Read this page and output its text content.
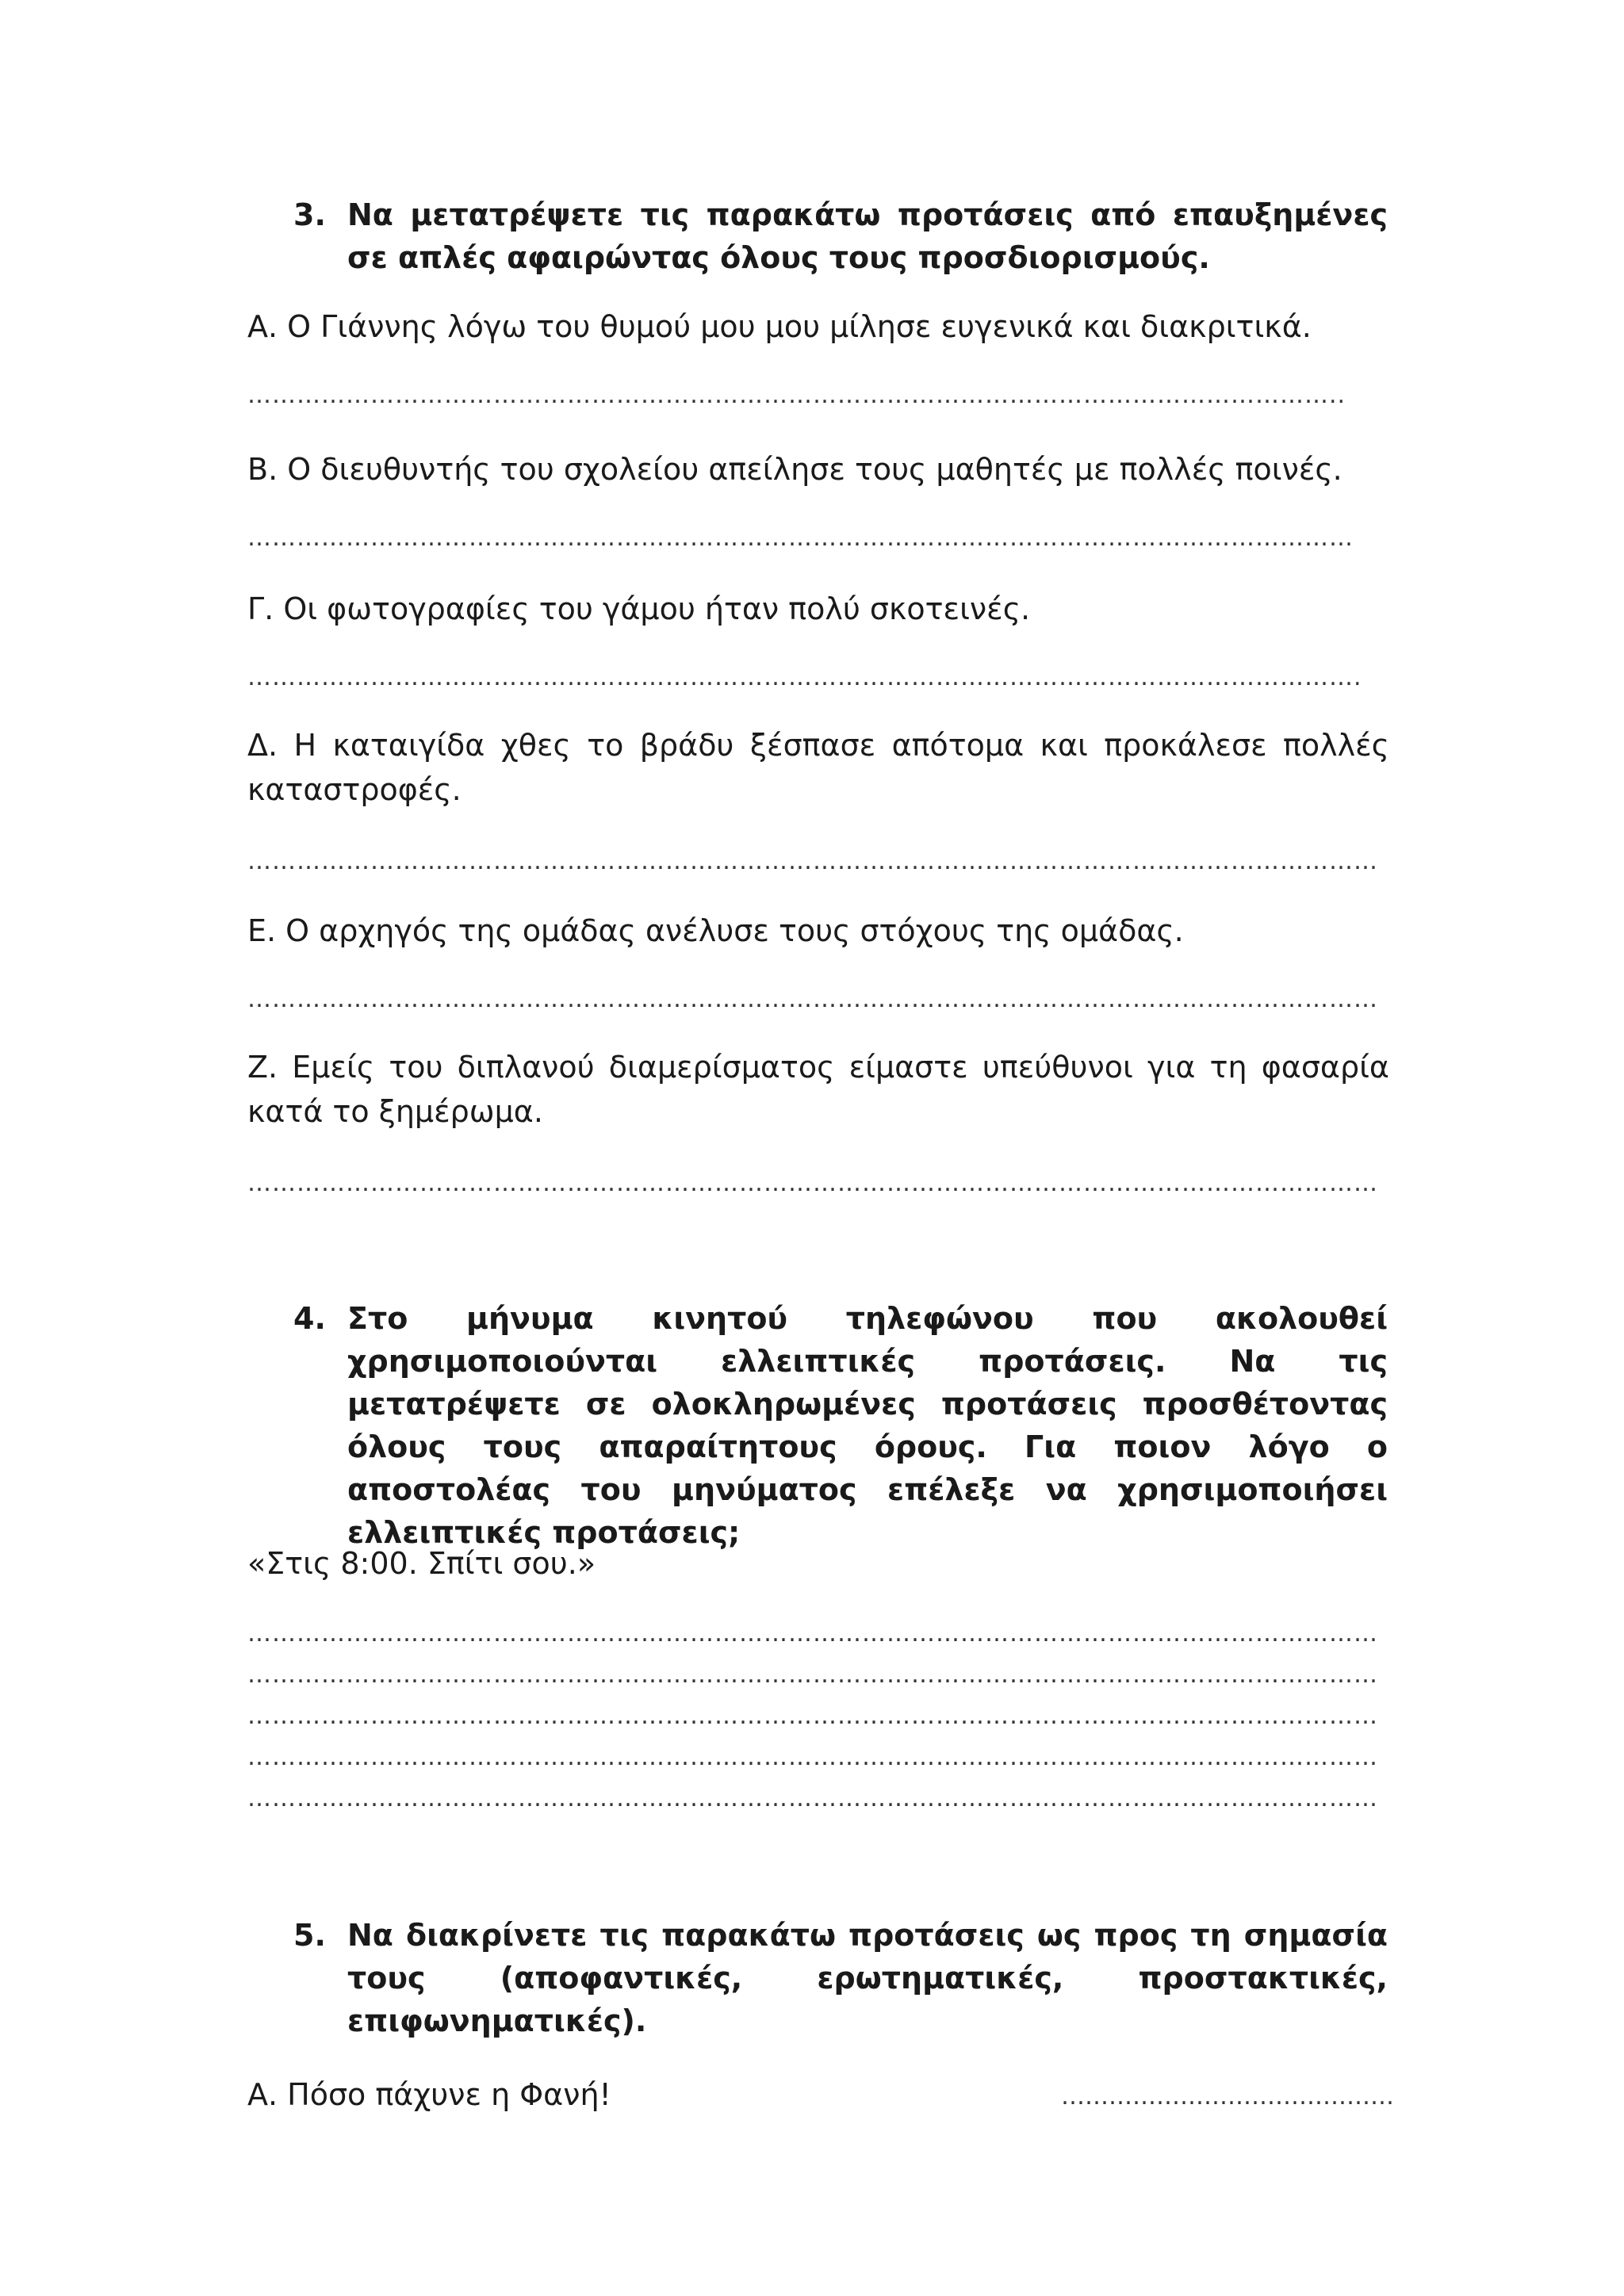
3. Να μετατρέψετε τις παρακάτω προτάσεις από επαυξημένες σε απλές αφαιρώντας όλους τους προσδιορισμούς.

Α. Ο Γιάννης λόγω του θυμού μου μου μίλησε ευγενικά και διακριτικά.

……………………………………………………………………………………………………………………..

Β. Ο διευθυντής του σχολείου απείλησε τους μαθητές με πολλές ποινές.

………………………………………………………………………………………………………………………

Γ. Οι φωτογραφίες του γάμου ήταν πολύ σκοτεινές.

……………………………………………………………………………………………………………………….

Δ. Η καταιγίδα χθες το βράδυ ξέσπασε απότομα και προκάλεσε πολλές καταστροφές.

…………………………………………………………………………………………………………………………

Ε. Ο αρχηγός της ομάδας ανέλυσε τους στόχους της ομάδας.

…………………………………………………………………………………………………………………………

Ζ. Εμείς του διπλανού διαμερίσματος είμαστε υπεύθυνοι για τη φασαρία κατά το ξημέρωμα.

…………………………………………………………………………………………………………………………

4. Στο μήνυμα κινητού τηλεφώνου που ακολουθεί χρησιμοποιούνται ελλειπτικές προτάσεις. Να τις μετατρέψετε σε ολοκληρωμένες προτάσεις προσθέτοντας όλους τους απαραίτητους όρους. Για ποιον λόγο ο αποστολέας του μηνύματος επέλεξε να χρησιμοποιήσει ελλειπτικές προτάσεις;

«Στις 8:00. Σπίτι σου.»

…………………………………………………………………………………………………………………………

…………………………………………………………………………………………………………………………

…………………………………………………………………………………………………………………………

…………………………………………………………………………………………………………………………

…………………………………………………………………………………………………………………………

5. Να διακρίνετε τις παρακάτω προτάσεις ως προς τη σημασία τους (αποφαντικές, ερωτηματικές, προστακτικές, επιφωνηματικές).

Α. Πόσο πάχυνε η Φανή!	……………………………………
